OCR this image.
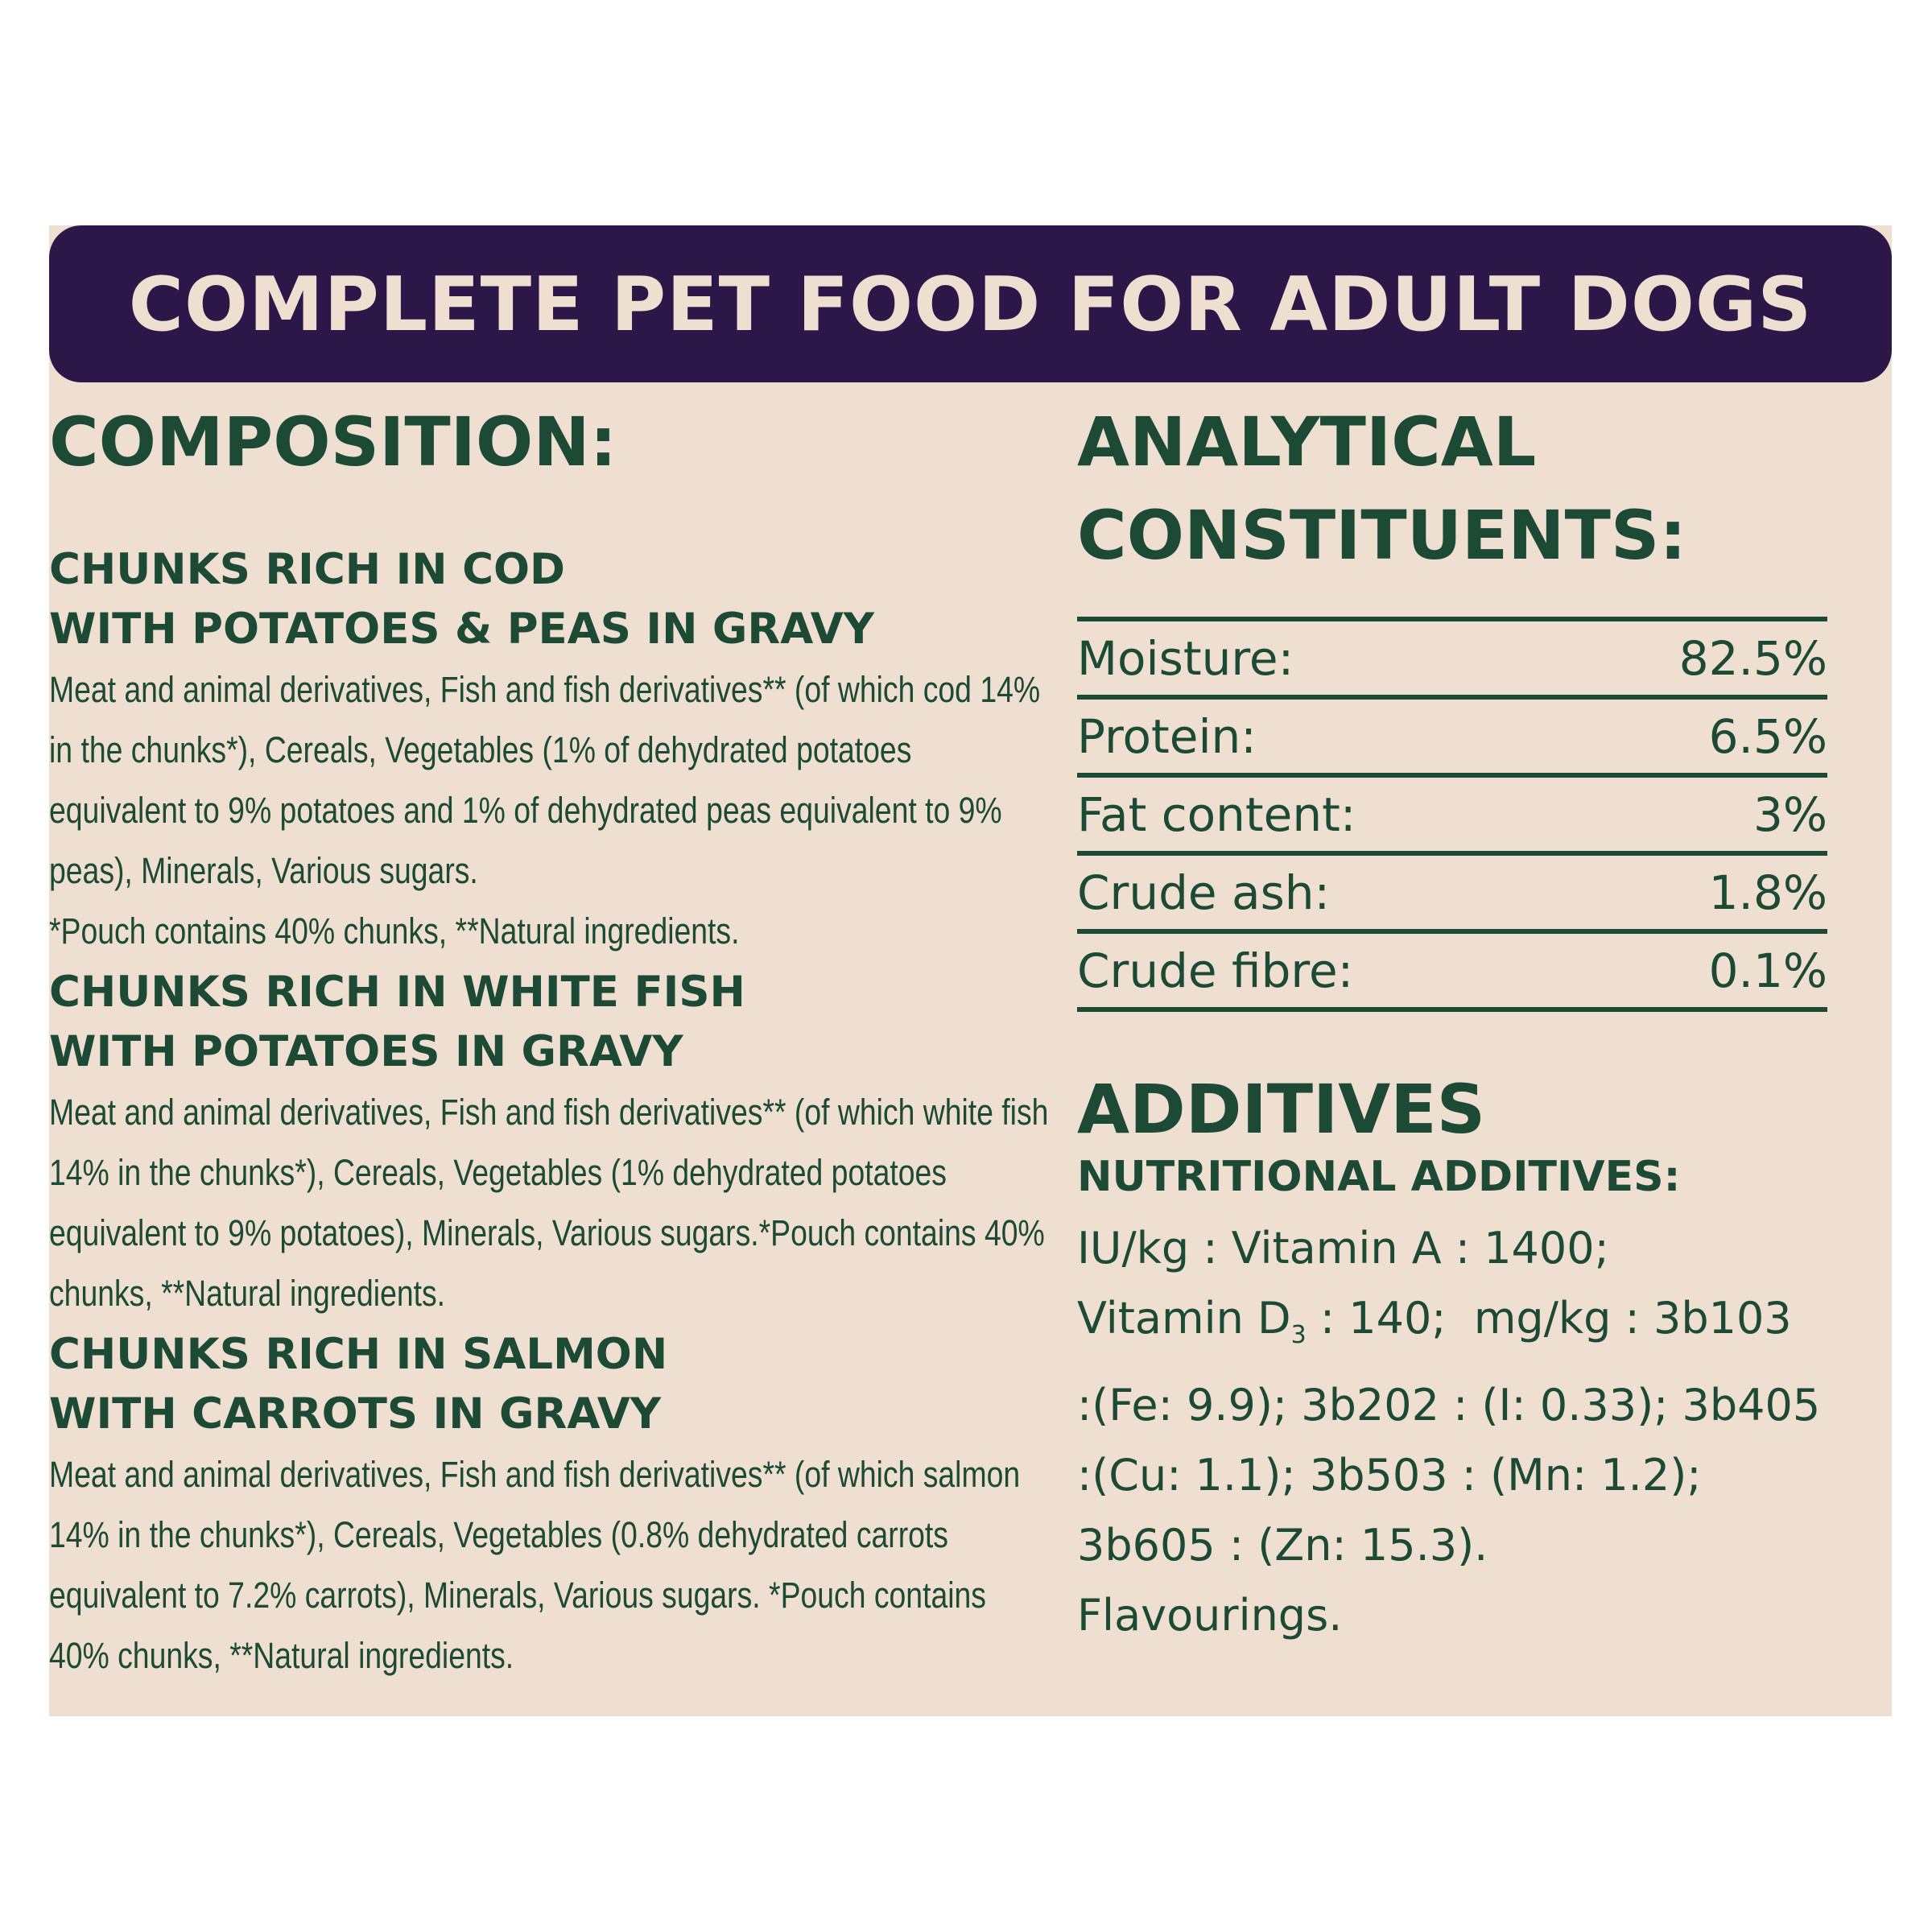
COMPLETE PET FOOD FOR ADULT DOGS

COMPOSITION:

CHUNKS RICH IN COD

WITH POTATOES & PEAS IN GRAVY

Meat and animal derivatives, Fish and fish derivatives** (of which cod 14% in the chunks*), Cereals, Vegetables (1% of dehydrated potatoes equivalent to 9% potatoes and 1% of dehydrated peas equivalent to 9% peas), Minerals, Various sugars.
*Pouch contains 40% chunks, **Natural ingredients.

CHUNKS RICH IN WHITE FISH

WITH POTATOES IN GRAVY

Meat and animal derivatives, Fish and fish derivatives** (of which white fish 14% in the chunks*), Cereals, Vegetables (1% dehydrated potatoes equivalent to 9% potatoes), Minerals, Various sugars.*Pouch contains 40% chunks, **Natural ingredients.

CHUNKS RICH IN SALMON

WITH CARROTS IN GRAVY

Meat and animal derivatives, Fish and fish derivatives** (of which salmon 14% in the chunks*), Cereals, Vegetables (0.8% dehydrated carrots equivalent to 7.2% carrots), Minerals, Various sugars. *Pouch contains 40% chunks, **Natural ingredients.

ANALYTICAL

CONSTITUENTS:

Moisture:	82.5%
Protein:	6.5%
Fat content:	3%
Crude ash:	1.8%
Crude fibre:	0.1%

ADDITIVES

NUTRITIONAL ADDITIVES:

IU/kg : Vitamin A : 1400;
Vitamin $D_3$ : 140;  mg/kg : 3b103
:(Fe: 9.9); 3b202 : (I: 0.33); 3b405
:(Cu: 1.1); 3b503 : (Mn: 1.2);
3b605 : (Zn: 15.3).
Flavourings.
